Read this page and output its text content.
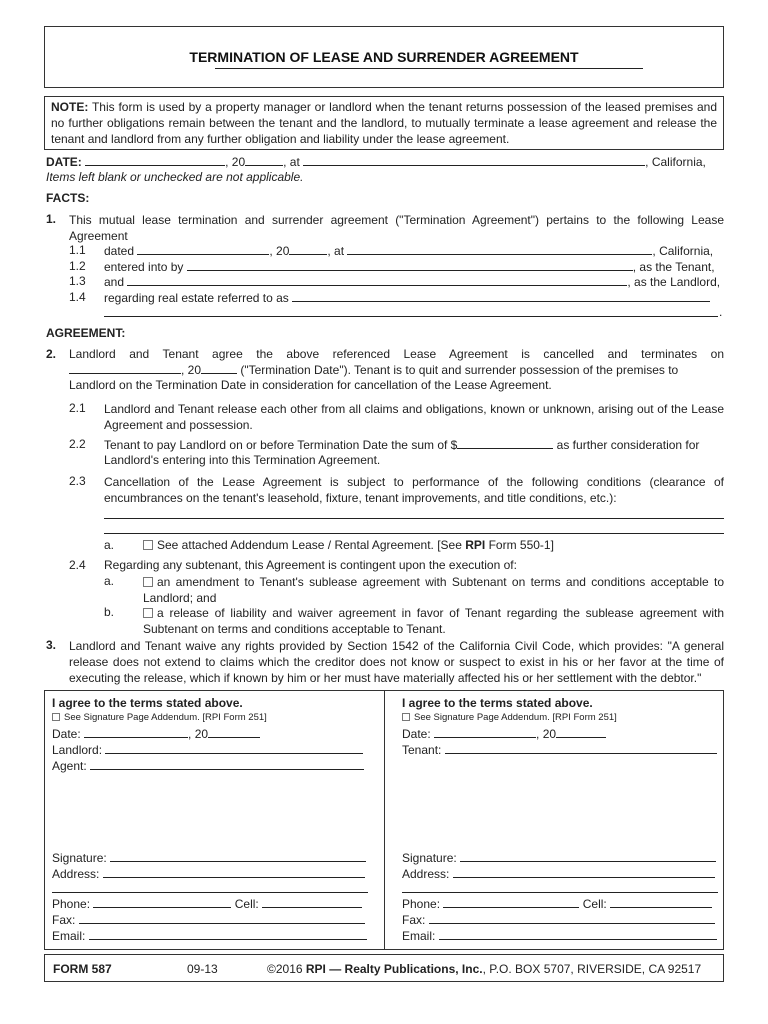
TERMINATION OF LEASE AND SURRENDER AGREEMENT
NOTE: This form is used by a property manager or landlord when the tenant returns possession of the leased premises and no further obligations remain between the tenant and the landlord, to mutually terminate a lease agreement and release the tenant and landlord from any further obligation and liability under the lease agreement.
DATE:	, 20	, at	, California,
Items left blank or unchecked are not applicable.
FACTS:
1. This mutual lease termination and surrender agreement ("Termination Agreement") pertains to the following Lease Agreement
1.1 dated	, 20	, at	, California,
1.2 entered into by	, as the Tenant,
1.3 and	, as the Landlord,
1.4 regarding real estate referred to as
.
AGREEMENT:
2. Landlord and Tenant agree the above referenced Lease Agreement is cancelled and terminates on
, 20	("Termination Date"). Tenant is to quit and surrender possession of the premises to
Landlord on the Termination Date in consideration for cancellation of the Lease Agreement.
2.1 Landlord and Tenant release each other from all claims and obligations, known or unknown, arising out of the Lease Agreement and possession.
2.2 Tenant to pay Landlord on or before Termination Date the sum of $	as further consideration for
Landlord's entering into this Termination Agreement.
2.3 Cancellation of the Lease Agreement is subject to performance of the following conditions (clearance of encumbrances on the tenant's leasehold, fixture, tenant improvements, and title conditions, etc.):
a.	See attached Addendum Lease / Rental Agreement. [See RPI Form 550-1]
2.4 Regarding any subtenant, this Agreement is contingent upon the execution of:
a.	an amendment to Tenant's sublease agreement with Subtenant on terms and conditions acceptable to Landlord; and
b.	a release of liability and waiver agreement in favor of Tenant regarding the sublease agreement with Subtenant on terms and conditions acceptable to Tenant.
3. Landlord and Tenant waive any rights provided by Section 1542 of the California Civil Code, which provides: "A general release does not extend to claims which the creditor does not know or suspect to exist in his or her favor at the time of executing the release, which if known by him or her must have materially affected his or her settlement with the debtor."
I agree to the terms stated above.
See Signature Page Addendum. [RPI Form 251]
Date:	, 20
Landlord:
Agent:
Signature:
Address:
Phone:	Cell:
Fax:
Email:
I agree to the terms stated above.
See Signature Page Addendum. [RPI Form 251]
Date:	, 20
Tenant:
Signature:
Address:
Phone:	Cell:
Fax:
Email:
FORM 587	09-13	©2016 RPI — Realty Publications, Inc., P.O. BOX 5707, RIVERSIDE, CA 92517
